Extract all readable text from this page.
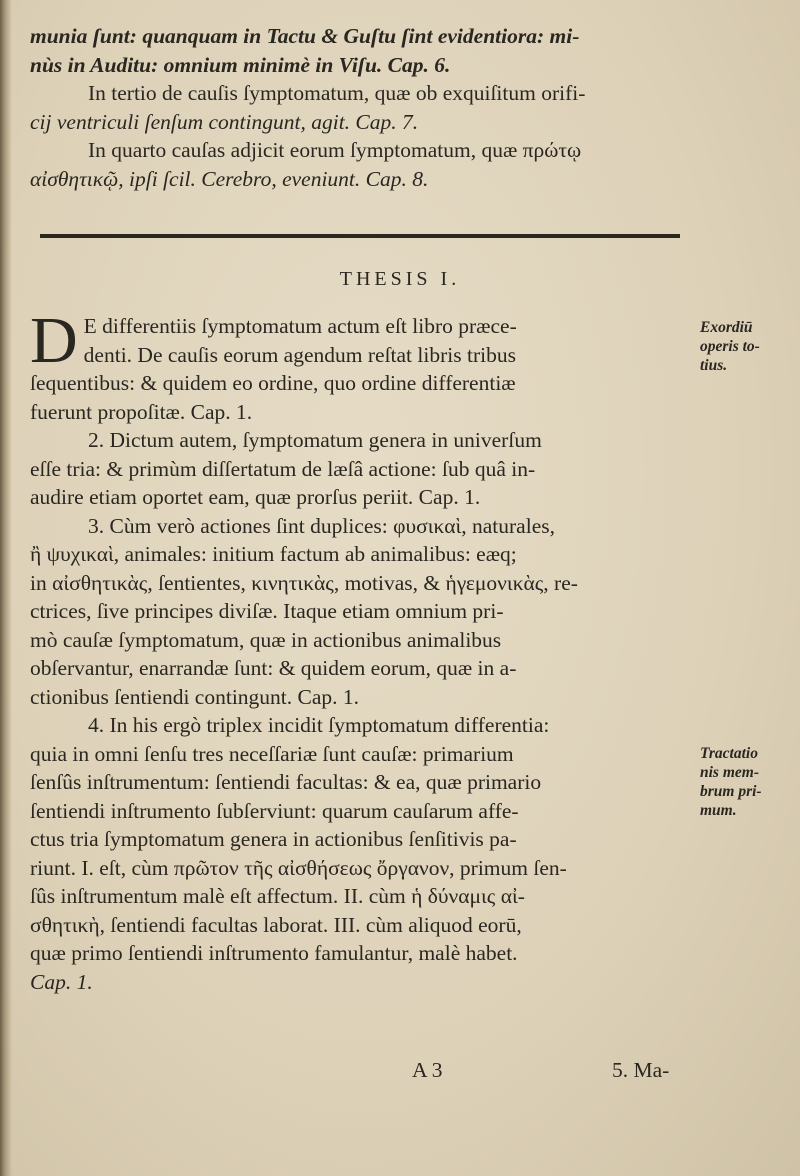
munia ſunt: quanquam in Tactu & Guſtu ſint evidentiora: mi-
nùs in Auditu: omnium minimè in Viſu. Cap. 6.
In tertio de cauſis ſymptomatum, quæ ob exquiſitum orifi-
cij ventriculi ſenſum contingunt, agit. Cap. 7.
In quarto cauſas adjicit eorum ſymptomatum, quæ πρώτῳ
αἰσθητικῷ, ipſi ſcil. Cerebro, eveniunt. Cap. 8.
THESIS I.
D E differentiis ſymptomatum actum eſt libro præce-
denti. De cauſis eorum agendum reſtat libris tribus
ſequentibus: & quidem eo ordine, quo ordine differentiæ
fuerunt propoſitæ. Cap. 1.
2. Dictum autem, ſymptomatum genera in univerſum
eſſe tria: & primùm diſſertatum de læſâ actione: ſub quâ in-
audire etiam oportet eam, quæ prorſus periit. Cap. 1.
3. Cùm verò actiones ſint duplices: φυσικαὶ, naturales,
ἢ ψυχικαὶ, animales: initium factum ab animalibus: eæq;
in αἰσθητικὰς, ſentientes, κινητικὰς, motivas, & ἡγεμονικὰς, re-
ctrices, ſive principes diviſæ. Itaque etiam omnium pri-
mò cauſæ ſymptomatum, quæ in actionibus animalibus
obſervantur, enarrandæ ſunt: & quidem eorum, quæ in a-
ctionibus ſentiendi contingunt. Cap. 1.
4. In his ergò triplex incidit ſymptomatum differentia:
quia in omni ſenſu tres neceſſariæ ſunt cauſæ: primarium
ſenſûs inſtrumentum: ſentiendi facultas: & ea, quæ primario
ſentiendi inſtrumento ſubſerviunt: quarum cauſarum affe-
ctus tria ſymptomatum genera in actionibus ſenſitivis pa-
riunt. I. eſt, cùm πρῶτον τῆς αἰσθήσεως ὄργανον, primum ſen-
ſûs inſtrumentum malè eſt affectum. II. cùm ἡ δύναμις αἰ-
σθητικὴ, ſentiendi facultas laborat. III. cùm aliquod eorū,
quæ primo ſentiendi inſtrumento famulantur, malè habet.
Cap. 1.
Exordiū
operis to-
tius.
Tractatio
nis mem-
brum pri-
mum.
A 3	5. Ma-
